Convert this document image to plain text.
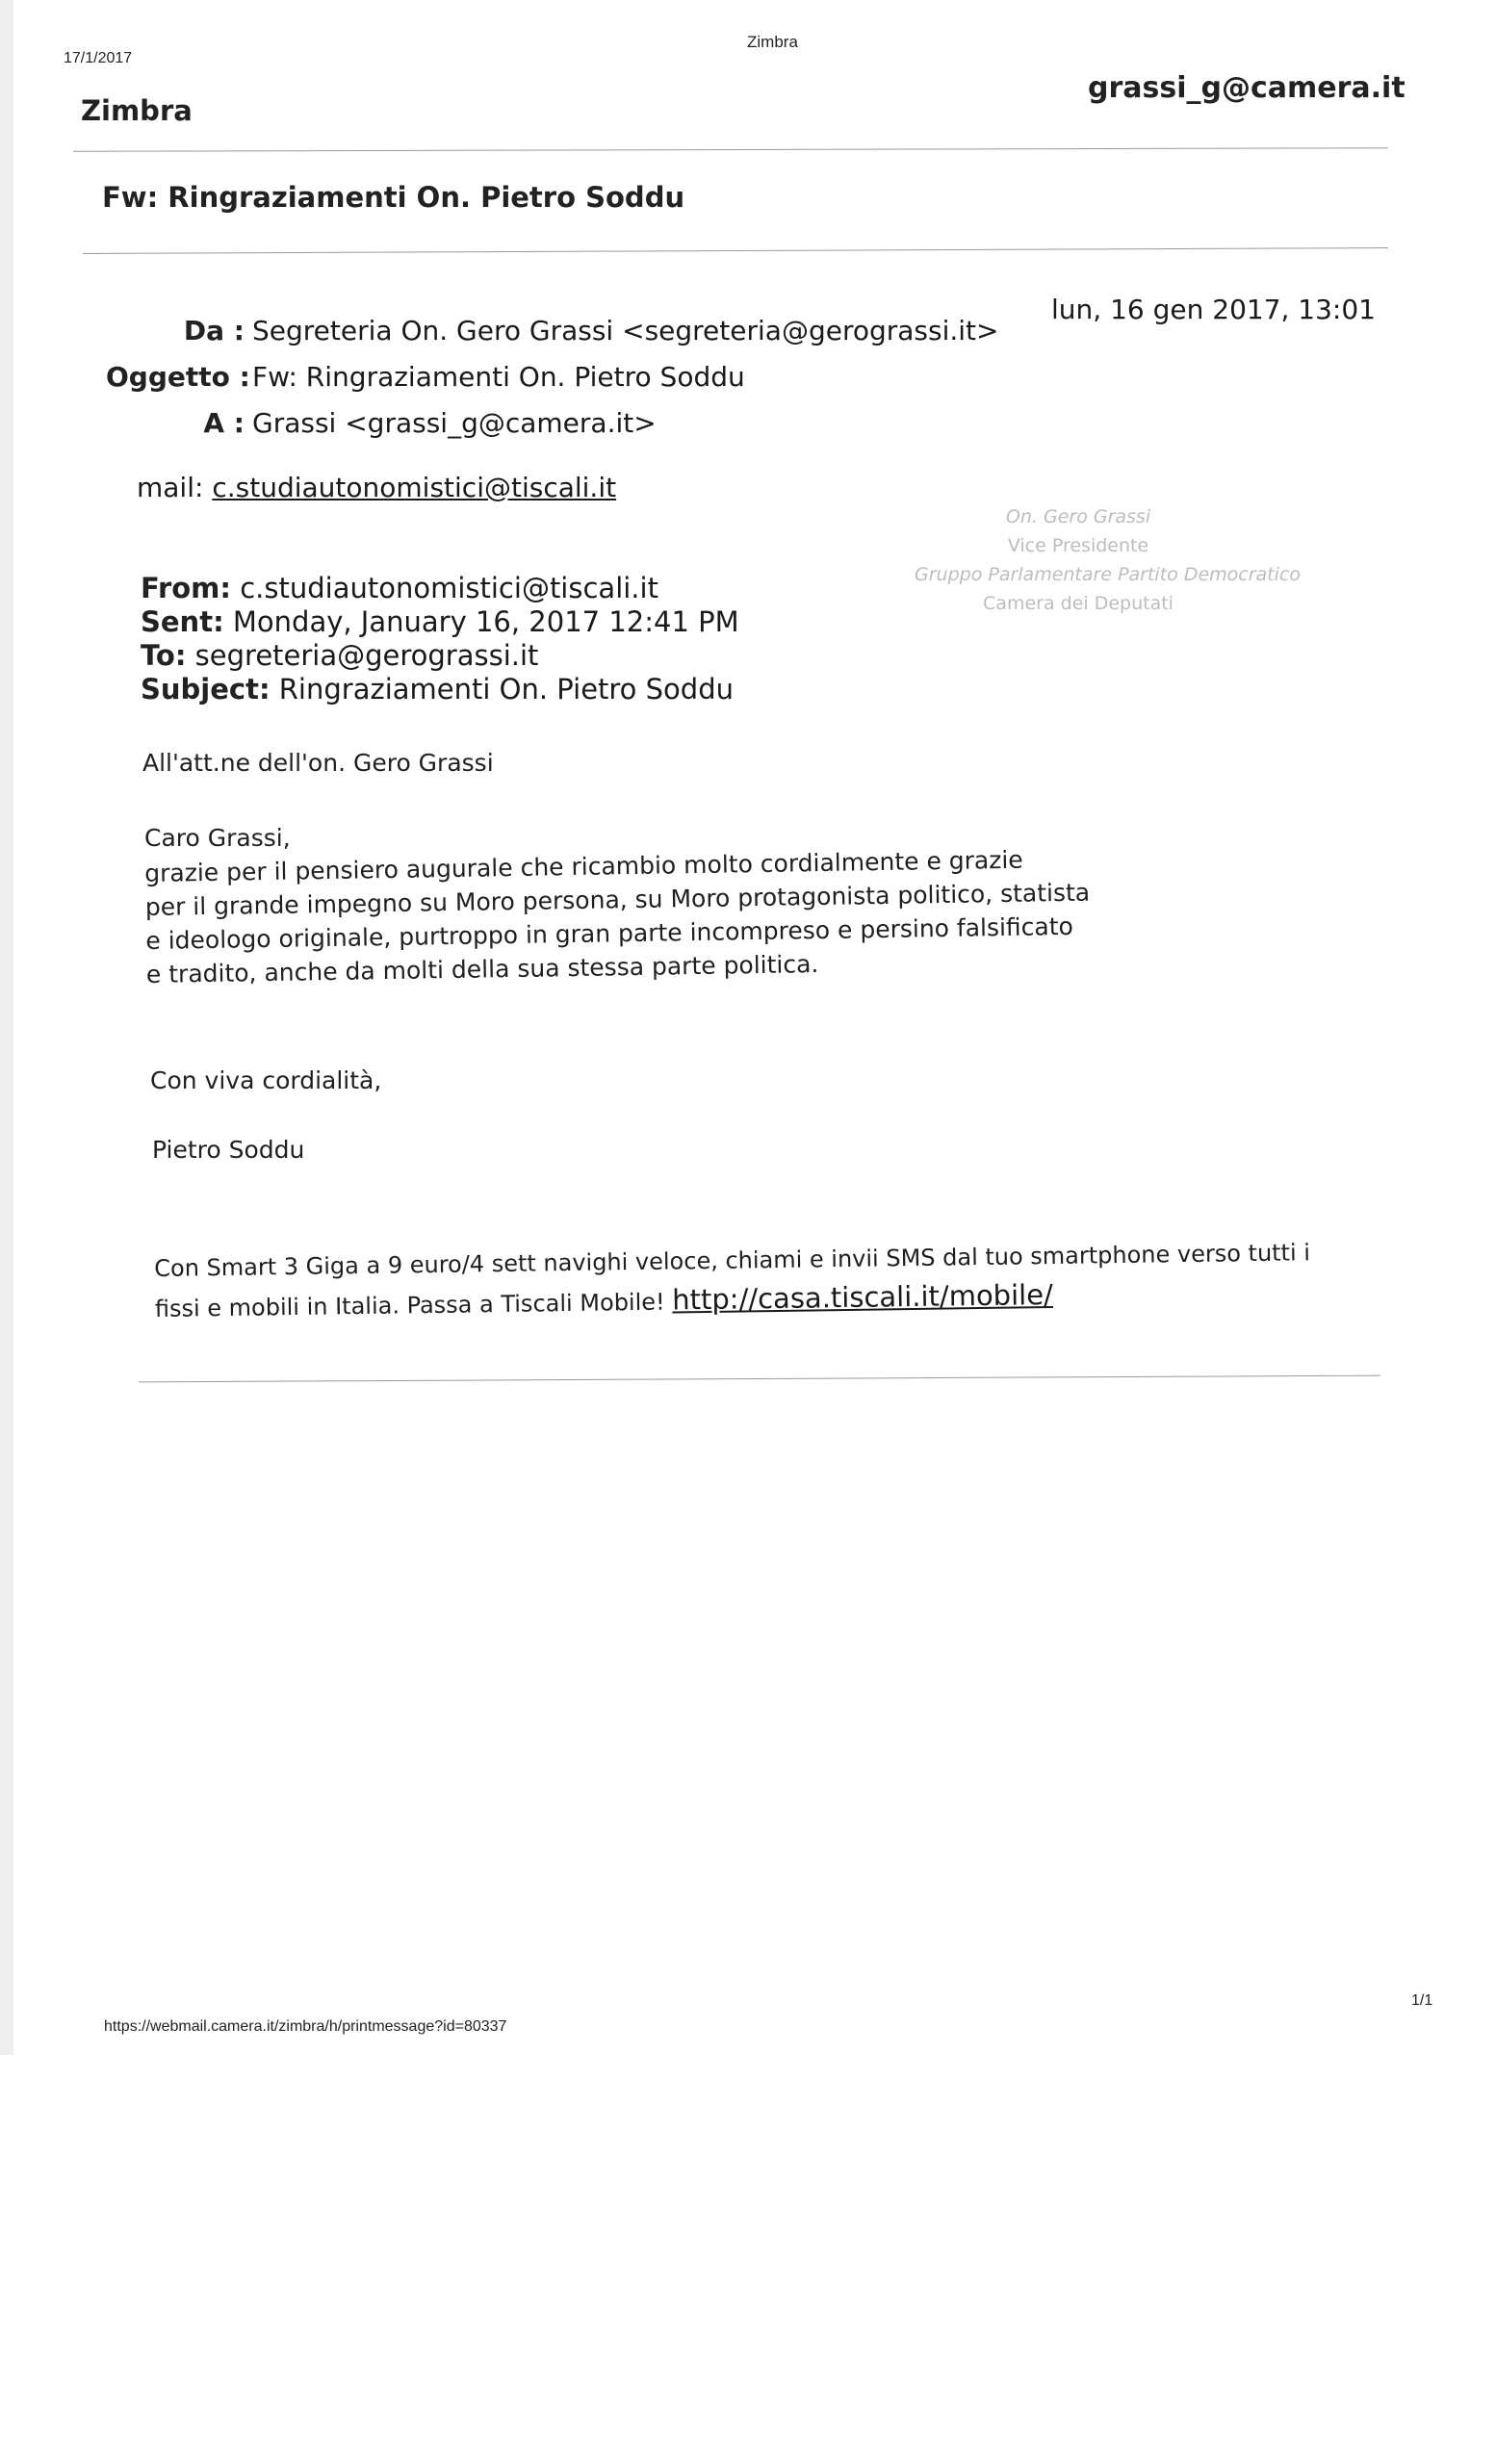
17/1/2017
Zimbra
Zimbra
grassi_g@camera.it
Fw: Ringraziamenti On. Pietro Soddu
Da : Segreteria On. Gero Grassi <segreteria@gerograssi.it>
lun, 16 gen 2017, 13:01
Oggetto : Fw: Ringraziamenti On. Pietro Soddu
A : Grassi <grassi_g@camera.it>
mail: c.studiautonomistici@tiscali.it
On. Gero Grassi
Vice Presidente
Gruppo Parlamentare Partito Democratico
Camera dei Deputati
From: c.studiautonomistici@tiscali.it
Sent: Monday, January 16, 2017 12:41 PM
To: segreteria@gerograssi.it
Subject: Ringraziamenti On. Pietro Soddu
All'att.ne dell'on. Gero Grassi
Caro Grassi,
grazie per il pensiero augurale che ricambio molto cordialmente e grazie
per il grande impegno su Moro persona, su Moro protagonista politico, statista
e ideologo originale, purtroppo in gran parte incompreso e persino falsificato
e tradito, anche da molti della sua stessa parte politica.
Con viva cordialità,
Pietro Soddu
Con Smart 3 Giga a 9 euro/4 sett navighi veloce, chiami e invii SMS dal tuo smartphone verso tutti i
fissi e mobili in Italia. Passa a Tiscali Mobile! http://casa.tiscali.it/mobile/
https://webmail.camera.it/zimbra/h/printmessage?id=80337
1/1
